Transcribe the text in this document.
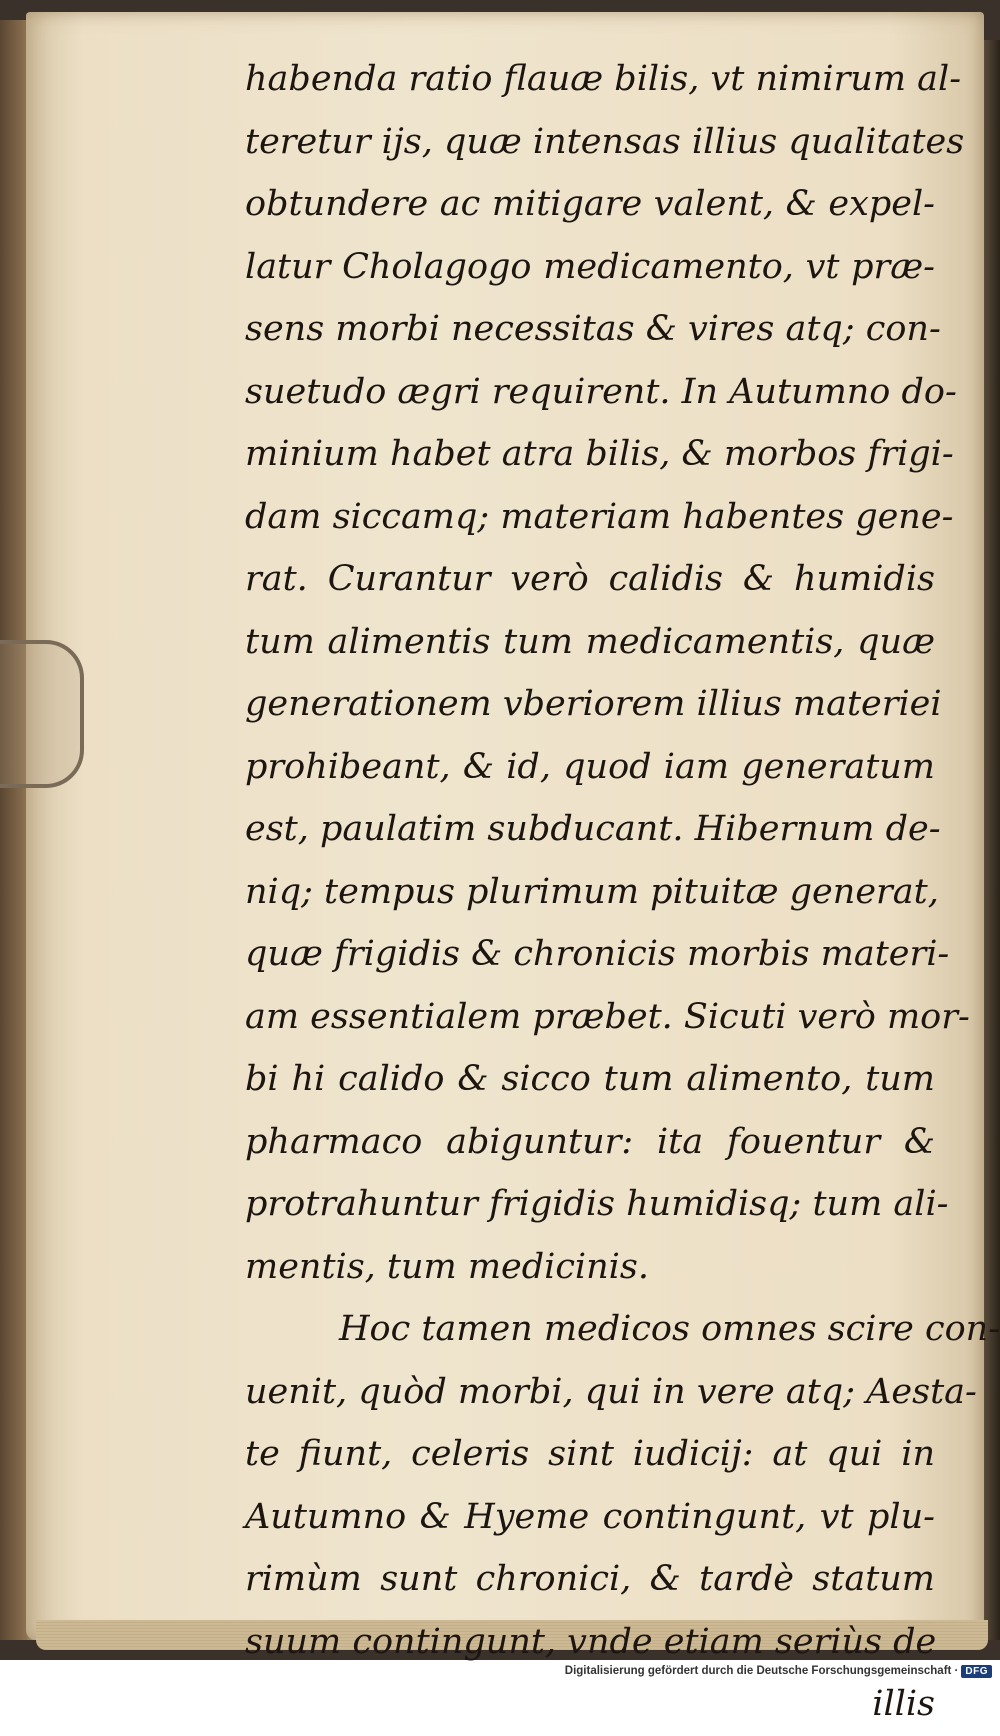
habenda ratio flauæ bilis, vt nimirum al-
teretur ijs, quæ intensas illius qualitates
obtundere ac mitigare valent, & expel-
latur Cholagogo medicamento, vt præ-
sens morbi necessitas & vires atq; con-
suetudo ægri requirent. In Autumno do-
minium habet atra bilis, & morbos frigi-
dam siccamq; materiam habentes gene-
rat. Curantur verò calidis & humidis
tum alimentis tum medicamentis, quæ
generationem vberiorem illius materiei
prohibeant, & id, quod iam generatum
est, paulatim subducant. Hibernum de-
niq; tempus plurimum pituitæ generat,
quæ frigidis & chronicis morbis materi-
am essentialem præbet. Sicuti verò mor-
bi hi calido & sicco tum alimento, tum
pharmaco abiguntur: ita fouentur &
protrahuntur frigidis humidisq; tum ali-
mentis, tum medicinis.
Hoc tamen medicos omnes scire con-
uenit, quòd morbi, qui in vere atq; Aesta-
te fiunt, celeris sint iudicij: at qui in
Autumno & Hyeme contingunt, vt plu-
rimùm sunt chronici, & tardè statum
suum contingunt, vnde etiam seriùs de
illis
Digitalisierung gefördert durch die Deutsche Forschungsgemeinschaft · DFG
